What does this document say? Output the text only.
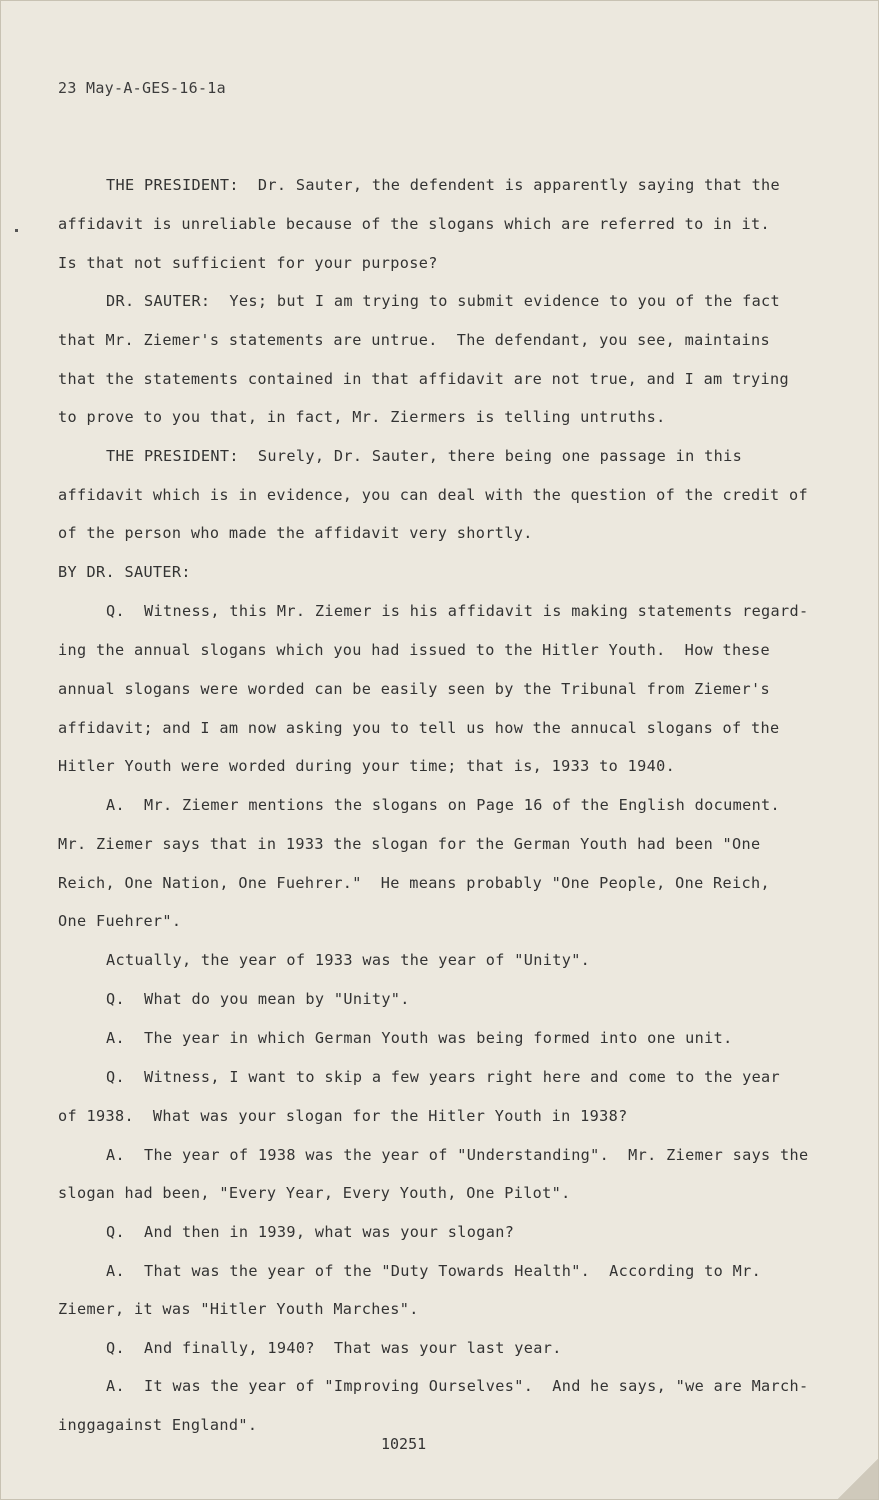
23 May-A-GES-16-1a
THE PRESIDENT:  Dr. Sauter, the defendent is apparently saying that the
affidavit is unreliable because of the slogans which are referred to in it.
Is that not sufficient for your purpose?
DR. SAUTER:  Yes; but I am trying to submit evidence to you of the fact
that Mr. Ziemer's statements are untrue.  The defendant, you see, maintains
that the statements contained in that affidavit are not true, and I am trying
to prove to you that, in fact, Mr. Ziermers is telling untruths.
THE PRESIDENT:  Surely, Dr. Sauter, there being one passage in this
affidavit which is in evidence, you can deal with the question of the credit of
of the person who made the affidavit very shortly.
BY DR. SAUTER:
Q.  Witness, this Mr. Ziemer is his affidavit is making statements regard-
ing the annual slogans which you had issued to the Hitler Youth.  How these
annual slogans were worded can be easily seen by the Tribunal from Ziemer's
affidavit; and I am now asking you to tell us how the annucal slogans of the
Hitler Youth were worded during your time; that is, 1933 to 1940.
A.  Mr. Ziemer mentions the slogans on Page 16 of the English document.
Mr. Ziemer says that in 1933 the slogan for the German Youth had been "One
Reich, One Nation, One Fuehrer."  He means probably "One People, One Reich,
One Fuehrer".
Actually, the year of 1933 was the year of "Unity".
Q.  What do you mean by "Unity".
A.  The year in which German Youth was being formed into one unit.
Q.  Witness, I want to skip a few years right here and come to the year
of 1938.  What was your slogan for the Hitler Youth in 1938?
A.  The year of 1938 was the year of "Understanding".  Mr. Ziemer says the
slogan had been, "Every Year, Every Youth, One Pilot".
Q.  And then in 1939, what was your slogan?
A.  That was the year of the "Duty Towards Health".  According to Mr.
Ziemer, it was "Hitler Youth Marches".
Q.  And finally, 1940?  That was your last year.
A.  It was the year of "Improving Ourselves".  And he says, "we are March-
inggagainst England".
10251
